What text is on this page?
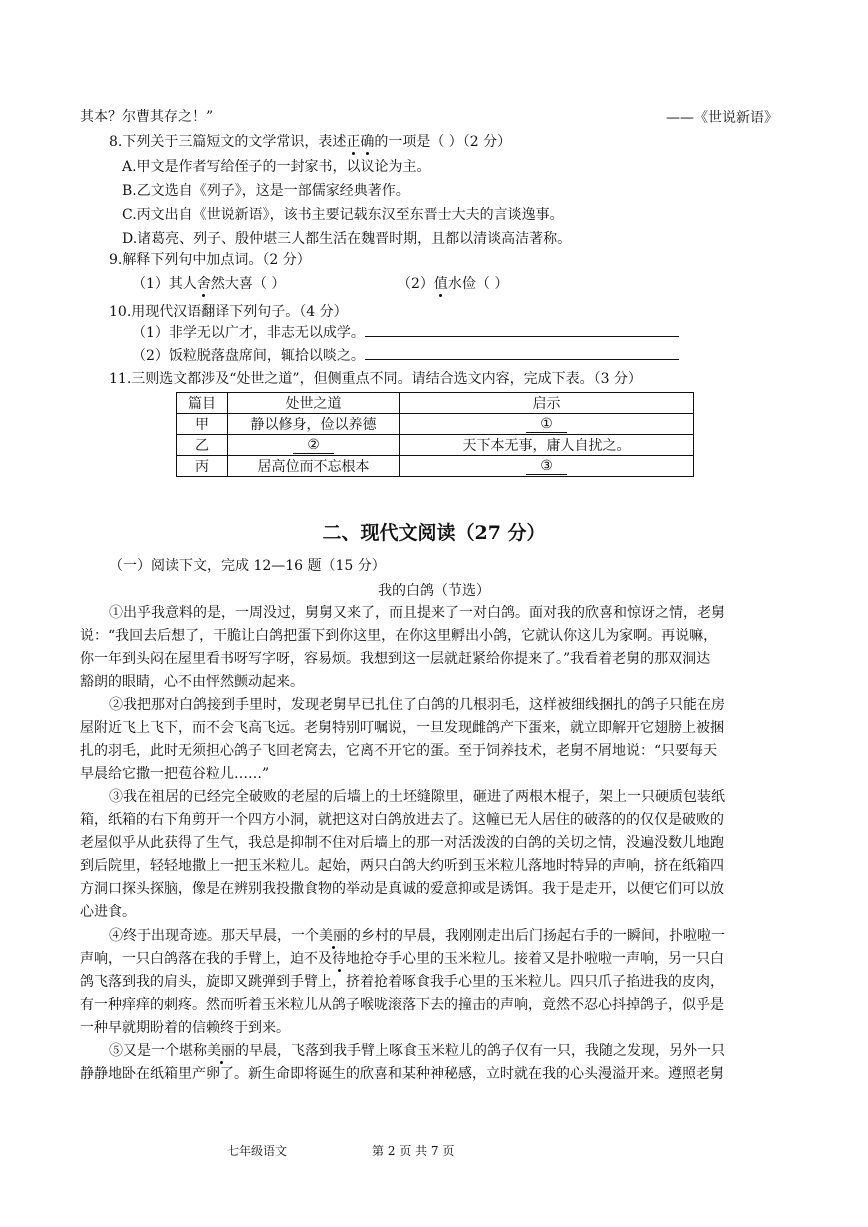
其本？尔曹其存之！”	——《世说新语》
8.下列关于三篇短文的文学常识，表述正确的一项是（ ）（2 分）
A.甲文是作者写给侄子的一封家书，以议论为主。
B.乙文选自《列子》，这是一部儒家经典著作。
C.丙文出自《世说新语》，该书主要记载东汉至东晋士大夫的言谈逸事。
D.诸葛亮、列子、殷仲堪三人都生活在魏晋时期，且都以清谈高洁著称。
9.解释下列句中加点词。（2 分）
（1）其人舍然大喜（ ）	（2）值水俭（ ）
10.用现代汉语翻译下列句子。（4 分）
（1）非学无以广才，非志无以成学。
（2）饭粒脱落盘席间，辄拾以啖之。
11.三则选文都涉及“处世之道”，但侧重点不同。请结合选文内容，完成下表。（3 分）
篇目	处世之道	启示
甲	静以修身，俭以养德	①
乙	②	天下本无事，庸人自扰之。
丙	居高位而不忘根本	③
二、现代文阅读（27 分）
（一）阅读下文，完成 12—16 题（15 分）
我的白鸽（节选）
①出乎我意料的是，一周没过，舅舅又来了，而且提来了一对白鸽。面对我的欣喜和惊讶之情，老舅
说：“我回去后想了，干脆让白鸽把蛋下到你这里，在你这里孵出小鸽，它就认你这儿为家啊。再说嘛，
你一年到头闷在屋里看书呀写字呀，容易烦。我想到这一层就赶紧给你提来了。”我看着老舅的那双洞达
豁朗的眼睛，心不由怦然颤动起来。
②我把那对白鸽接到手里时，发现老舅早已扎住了白鸽的几根羽毛，这样被细线捆扎的鸽子只能在房
屋附近飞上飞下，而不会飞高飞远。老舅特别叮嘱说，一旦发现雌鸽产下蛋来，就立即解开它翅膀上被捆
扎的羽毛，此时无须担心鸽子飞回老窝去，它离不开它的蛋。至于饲养技术，老舅不屑地说：“只要每天
早晨给它撒一把苞谷粒儿……”
③我在祖居的已经完全破败的老屋的后墙上的土坯缝隙里，砸进了两根木棍子，架上一只硬质包装纸
箱，纸箱的右下角剪开一个四方小洞，就把这对白鸽放进去了。这幢已无人居住的破落的的仅仅是破败的
老屋似乎从此获得了生气，我总是抑制不住对后墙上的那一对活泼泼的白鸽的关切之情，没遍没数儿地跑
到后院里，轻轻地撒上一把玉米粒儿。起始，两只白鸽大约听到玉米粒儿落地时特异的声响，挤在纸箱四
方洞口探头探脑，像是在辨别我投撒食物的举动是真诚的爱意抑或是诱饵。我于是走开，以便它们可以放
心进食。
④终于出现奇迹。那天早晨，一个美丽的乡村的早晨，我刚刚走出后门扬起右手的一瞬间，扑啦啦一
声响，一只白鸽落在我的手臂上，迫不及待地抢夺手心里的玉米粒儿。接着又是扑啦啦一声响，另一只白
鸽飞落到我的肩头，旋即又跳弹到手臂上，挤着抢着啄食我手心里的玉米粒儿。四只爪子掐进我的皮肉，
有一种痒痒的刺疼。然而听着玉米粒儿从鸽子喉咙滚落下去的撞击的声响，竟然不忍心抖掉鸽子，似乎是
一种早就期盼着的信赖终于到来。
⑤又是一个堪称美丽的早晨，飞落到我手臂上啄食玉米粒儿的鸽子仅有一只，我随之发现，另外一只
静静地卧在纸箱里产卵了。新生命即将诞生的欣喜和某种神秘感，立时就在我的心头漫溢开来。遵照老舅
七年级语文	第 2 页 共 7 页
